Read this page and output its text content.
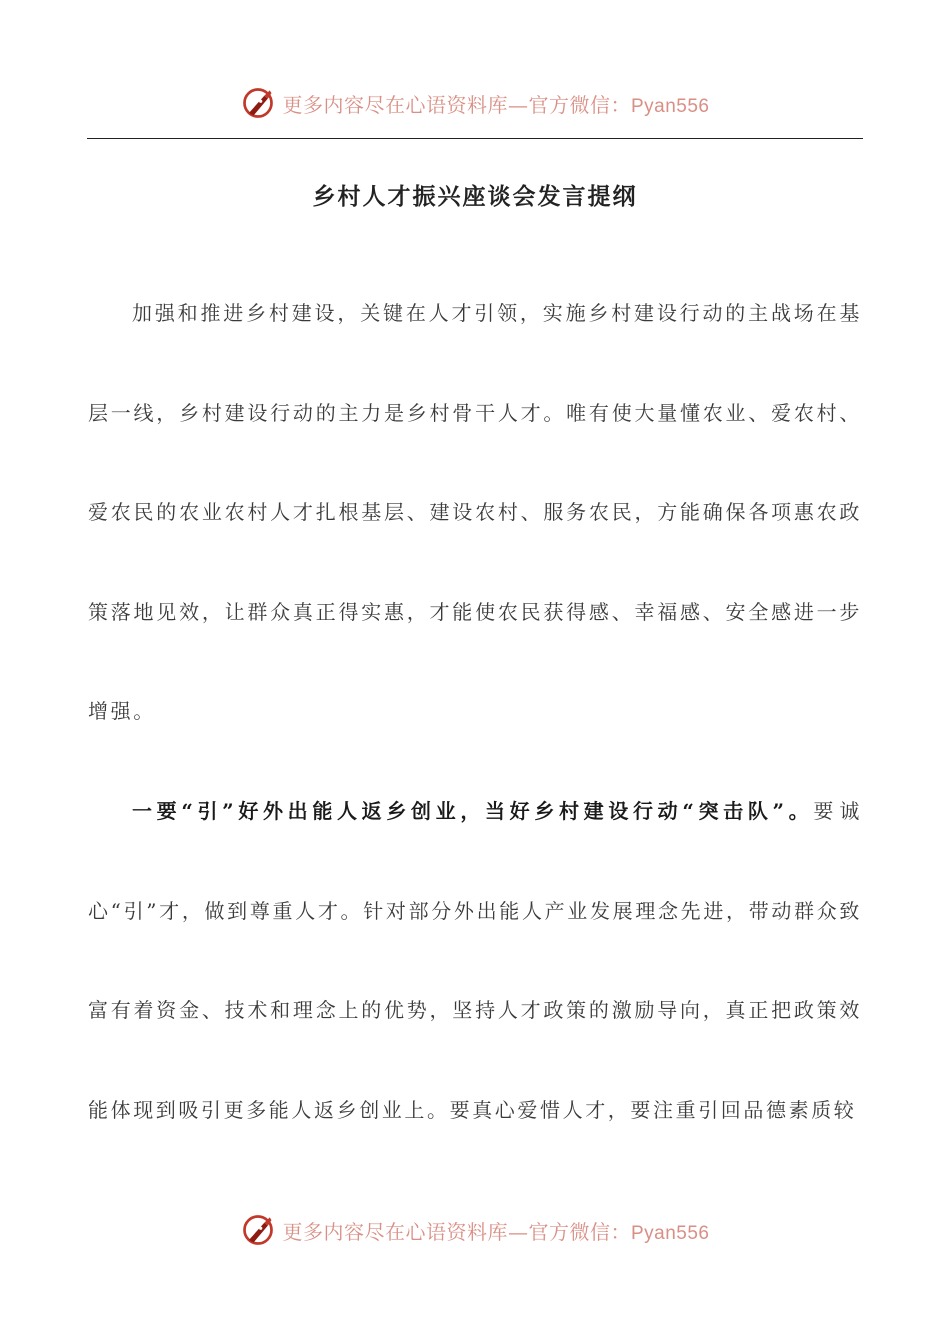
更多内容尽在心语资料库—官方微信：Pyan556
乡村人才振兴座谈会发言提纲

加强和推进乡村建设，关键在人才引领，实施乡村建设行动的主战场在基层一线，乡村建设行动的主力是乡村骨干人才。唯有使大量懂农业、爱农村、爱农民的农业农村人才扎根基层、建设农村、服务农民，方能确保各项惠农政策落地见效，让群众真正得实惠，才能使农民获得感、幸福感、安全感进一步增强。

一要“引”好外出能人返乡创业，当好乡村建设行动“突击队”。要诚心“引”才，做到尊重人才。针对部分外出能人产业发展理念先进，带动群众致富有着资金、技术和理念上的优势，坚持人才政策的激励导向，真正把政策效能体现到吸引更多能人返乡创业上。要真心爱惜人才，要注重引回品德素质较

更多内容尽在心语资料库—官方微信：Pyan556
